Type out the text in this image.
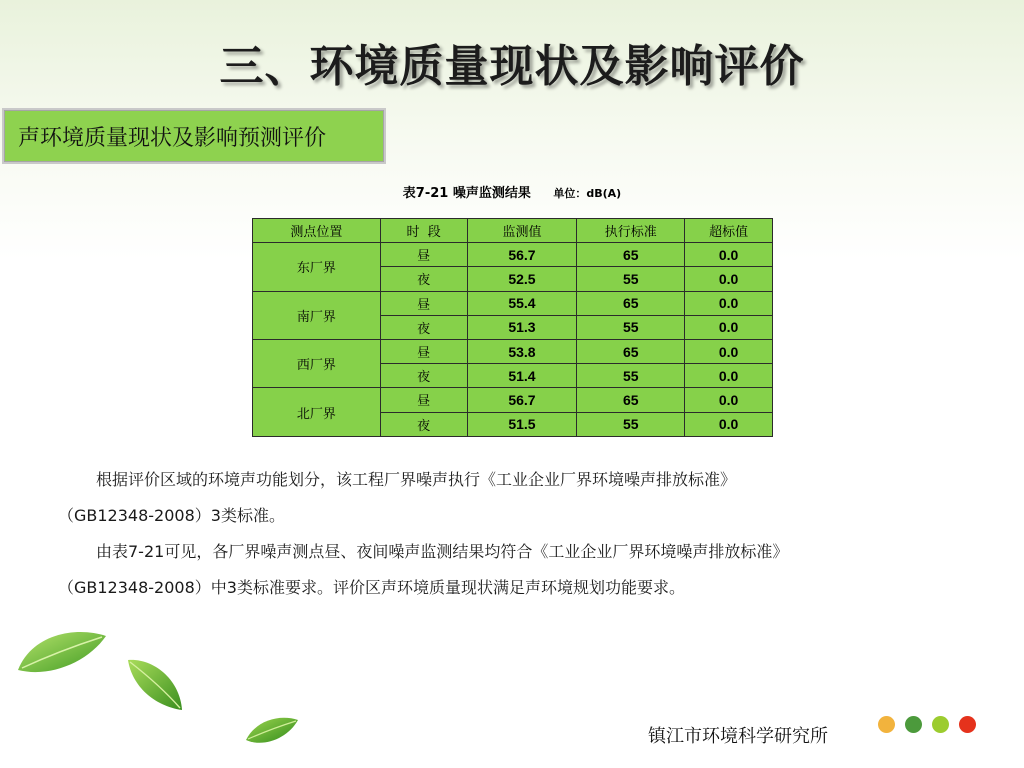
三、环境质量现状及影响评价
声环境质量现状及影响预测评价
表7-21 噪声监测结果 单位：dB(A)
测点位置	时  段	监测值	执行标准	超标值
东厂界	昼	56.7	65	0.0
	夜	52.5	55	0.0
南厂界	昼	55.4	65	0.0
	夜	51.3	55	0.0
西厂界	昼	53.8	65	0.0
	夜	51.4	55	0.0
北厂界	昼	56.7	65	0.0
	夜	51.5	55	0.0
根据评价区域的环境声功能划分，该工程厂界噪声执行《工业企业厂界环境噪声排放标准》
（GB12348-2008）3类标准。
由表7-21可见，各厂界噪声测点昼、夜间噪声监测结果均符合《工业企业厂界环境噪声排放标准》
（GB12348-2008）中3类标准要求。评价区声环境质量现状满足声环境规划功能要求。
镇江市环境科学研究所
